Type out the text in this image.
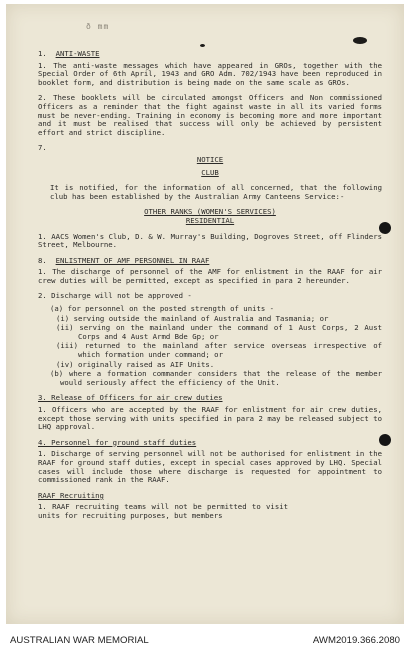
ð mm

1.  ANTI-WASTE

1. The anti-waste messages which have appeared in GROs, together with the Special Order of 6th April, 1943 and GRO Adm. 702/1943 have been reproduced in booklet form, and distribution is being made on the same scale as GROs.

2. These booklets will be circulated amongst Officers and Non commissioned Officers as a reminder that the fight against waste in all its varied forms must be never-ending. Training in economy is becoming more and more important and it must be realised that success will only be achieved by persistent effort and strict discipline.

7.

NOTICE

CLUB

It is notified, for the information of all concerned, that the following club has been established by the Australian Army Canteens Service:-

OTHER RANKS (WOMEN'S SERVICES)

RESIDENTIAL

1. AACS Women's Club, D. & W. Murray's Building, Dogroves Street, off Flinders Street, Melbourne.

8. ENLISTMENT OF AMF PERSONNEL IN RAAF

1. The discharge of personnel of the AMF for enlistment in the RAAF for air crew duties will be permitted, except as specified in para 2 hereunder.

2. Discharge will not be approved -

(a) for personnel on the posted strength of units -

(i) serving outside the mainland of Australia and Tasmania; or

(ii) serving on the mainland under the command of 1 Aust Corps, 2 Aust Corps and 4 Aust Armd Bde Gp; or

(iii) returned to the mainland after service overseas irrespective of which formation under command; or

(iv) originally raised as AIF Units.

(b) where a formation commander considers that the release of the member would seriously affect the efficiency of the Unit.

3. Release of Officers for air crew duties

1. Officers who are accepted by the RAAF for enlistment for air crew duties, except those serving with units specified in para 2 may be released subject to LHQ approval.

4. Personnel for ground staff duties

1. Discharge of serving personnel will not be authorised for enlistment in the RAAF for ground staff duties, except in special cases approved by LHQ. Special cases will include those where discharge is requested for appointment to commissioned rank in the RAAF.

RAAF Recruiting

1. RAAF recruiting teams will not be permitted to visit units for recruiting purposes, but members

AUSTRALIAN WAR MEMORIAL	AWM2019.366.2080
